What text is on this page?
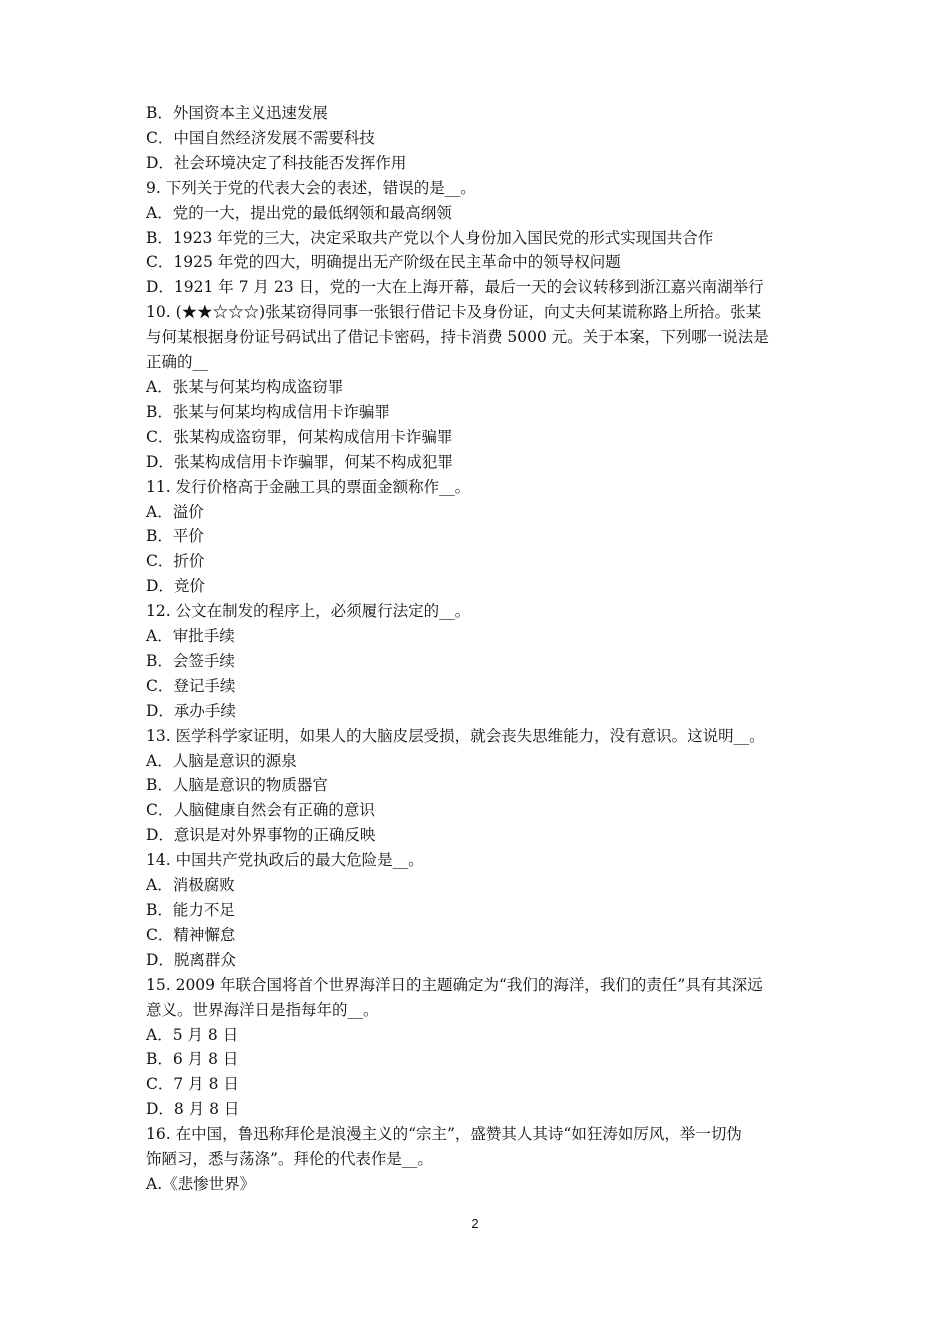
B．外国资本主义迅速发展

C．中国自然经济发展不需要科技

D．社会环境决定了科技能否发挥作用

9. 下列关于党的代表大会的表述，错误的是__。

A．党的一大，提出党的最低纲领和最高纲领

B．1923 年党的三大，决定采取共产党以个人身份加入国民党的形式实现国共合作

C．1925 年党的四大，明确提出无产阶级在民主革命中的领导权问题

D．1921 年 7 月 23 日，党的一大在上海开幕，最后一天的会议转移到浙江嘉兴南湖举行

10. (★★☆☆☆)张某窃得同事一张银行借记卡及身份证，向丈夫何某谎称路上所拾。张某

与何某根据身份证号码试出了借记卡密码，持卡消费 5000 元。关于本案，下列哪一说法是

正确的__

A．张某与何某均构成盗窃罪

B．张某与何某均构成信用卡诈骗罪

C．张某构成盗窃罪，何某构成信用卡诈骗罪

D．张某构成信用卡诈骗罪，何某不构成犯罪

11. 发行价格高于金融工具的票面金额称作__。

A．溢价

B．平价

C．折价

D．竞价

12. 公文在制发的程序上，必须履行法定的__。

A．审批手续

B．会签手续

C．登记手续

D．承办手续

13. 医学科学家证明，如果人的大脑皮层受损，就会丧失思维能力，没有意识。这说明__。

A．人脑是意识的源泉

B．人脑是意识的物质器官

C．人脑健康自然会有正确的意识

D．意识是对外界事物的正确反映

14. 中国共产党执政后的最大危险是__。

A．消极腐败

B．能力不足

C．精神懈怠

D．脱离群众

15. 2009 年联合国将首个世界海洋日的主题确定为“我们的海洋，我们的责任”具有其深远

意义。世界海洋日是指每年的__。

A．5 月 8 日

B．6 月 8 日

C．7 月 8 日

D．8 月 8 日

16. 在中国，鲁迅称拜伦是浪漫主义的“宗主”，盛赞其人其诗“如狂涛如厉风，举一切伪

饰陋习，悉与荡涤”。拜伦的代表作是__。

A.《悲惨世界》

2
